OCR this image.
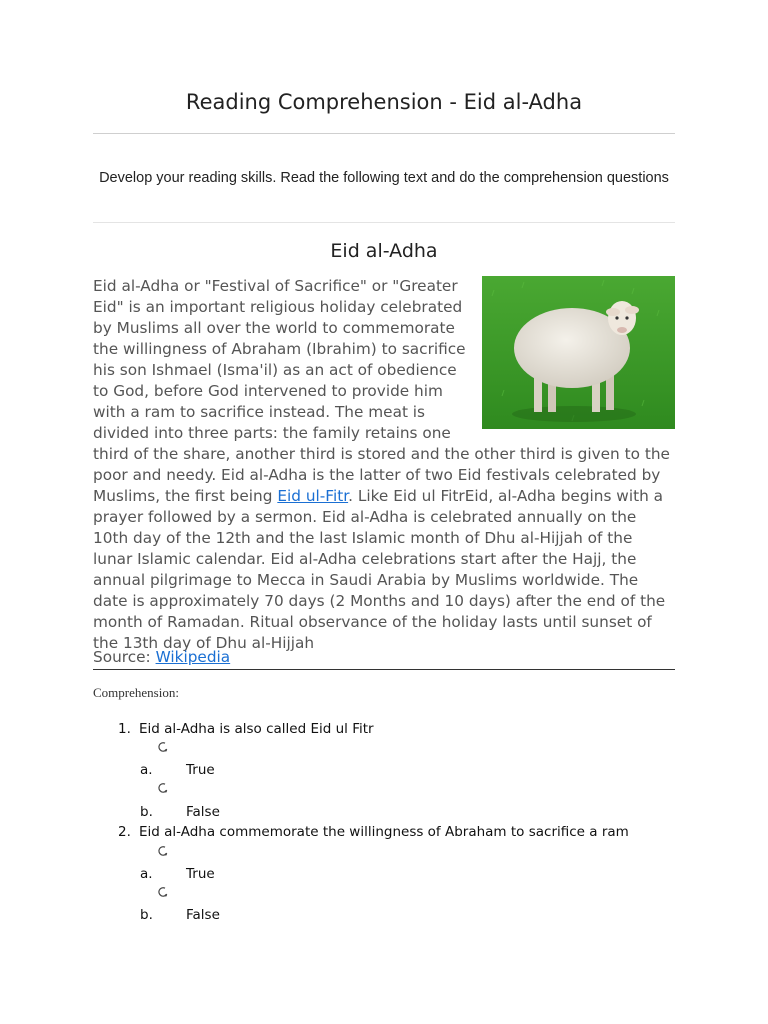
Reading Comprehension - Eid al-Adha
Develop your reading skills. Read the following text and do the comprehension questions
Eid al-Adha
Eid al-Adha or "Festival of Sacrifice" or "Greater Eid" is an important religious holiday celebrated by Muslims all over the world to commemorate the willingness of Abraham (Ibrahim) to sacrifice his son Ishmael (Isma'il) as an act of obedience to God, before God intervened to provide him with a ram to sacrifice instead. The meat is divided into three parts: the family retains one third of the share, another third is stored and the other third is given to the poor and needy. Eid al-Adha is the latter of two Eid festivals celebrated by Muslims, the first being Eid ul-Fitr. Like Eid ul FitrEid, al-Adha begins with a prayer followed by a sermon. Eid al-Adha is celebrated annually on the 10th day of the 12th and the last Islamic month of Dhu al-Hijjah of the lunar Islamic calendar. Eid al-Adha celebrations start after the Hajj, the annual pilgrimage to Mecca in Saudi Arabia by Muslims worldwide. The date is approximately 70 days (2 Months and 10 days) after the end of the month of Ramadan. Ritual observance of the holiday lasts until sunset of the 13th day of Dhu al-Hijjah
Source: Wikipedia
Comprehension:
1. Eid al-Adha is also called Eid ul Fitr
a. True
b. False
2. Eid al-Adha commemorate the willingness of Abraham to sacrifice a ram
a. True
b. False
